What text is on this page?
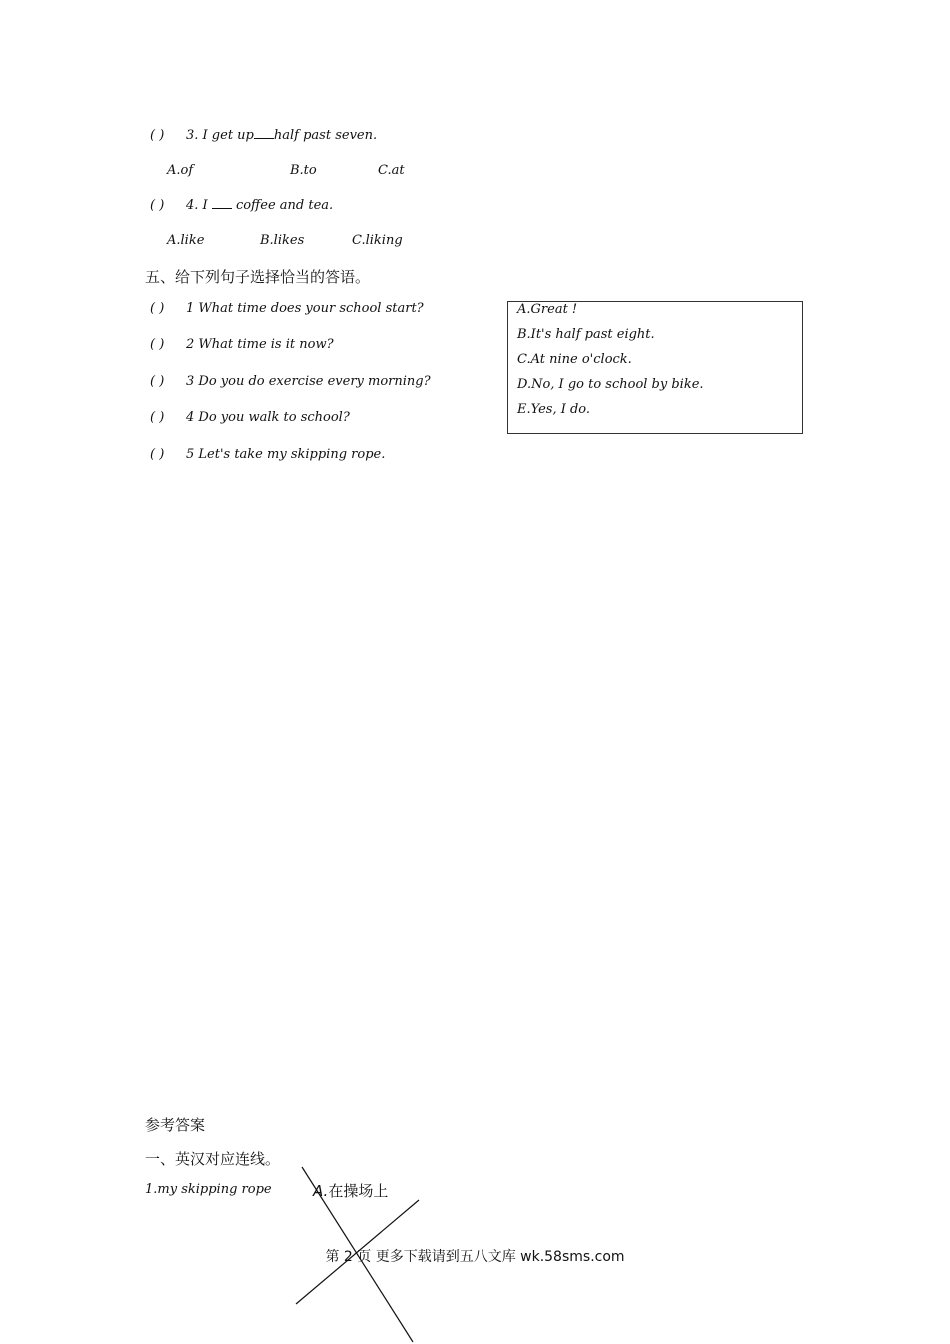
( ) 3. I get up half past seven.
A.of	B.to	C.at
( ) 4. I coffee and tea.
A.like	B.likes	C.liking
五、给下列句子选择恰当的答语。
( ) 1 What time does your school start?
( ) 2 What time is it now?
( ) 3 Do you do exercise every morning?
( ) 4 Do you walk to school?
( ) 5 Let's take my skipping rope.
A.Great !
B.It's half past eight.
C.At nine o'clock.
D.No, I go to school by bike.
E.Yes, I do.
参考答案
一、英汉对应连线。
1.my skipping rope	A.在操场上
第 2 页 更多下载请到五八文库 wk.58sms.com
